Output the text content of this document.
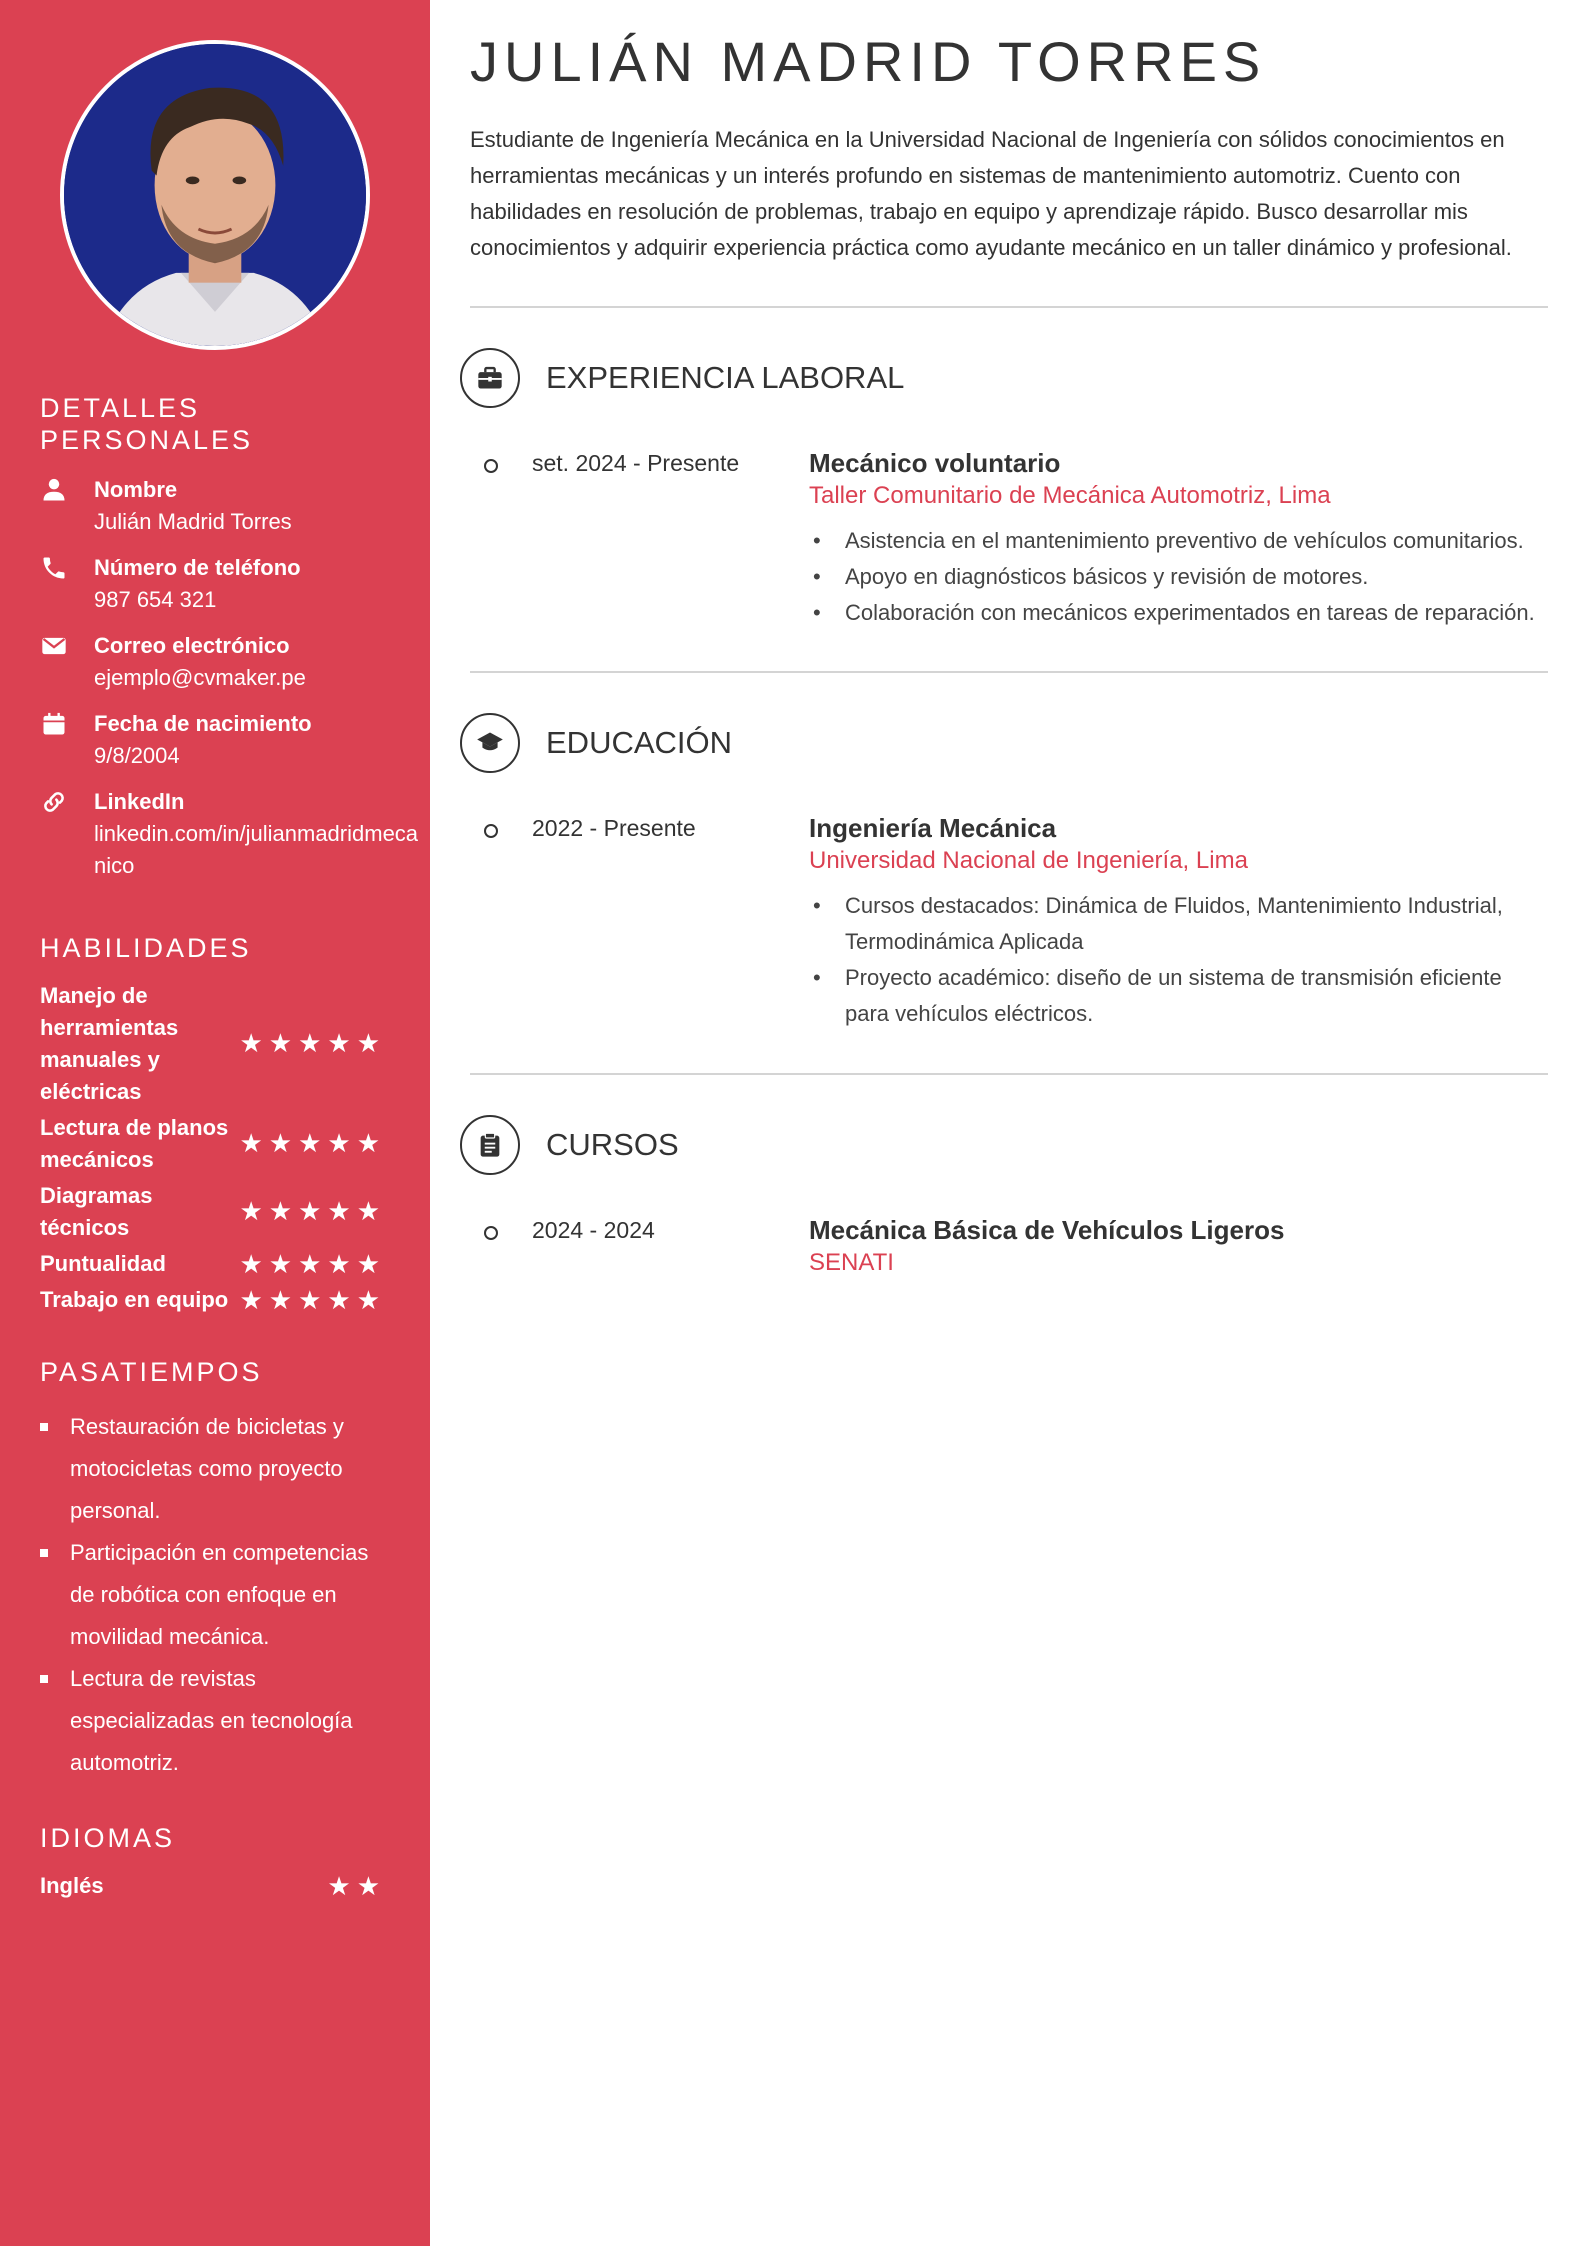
DETALLES PERSONALES
Nombre
Julián Madrid Torres
Número de teléfono
987 654 321
Correo electrónico
ejemplo@cvmaker.pe
Fecha de nacimiento
9/8/2004
LinkedIn
linkedin.com/in/julianmadridmecanico
HABILIDADES
Manejo de herramientas manuales y eléctricas
★ ★ ★ ★ ★
Lectura de planos mecánicos
★ ★ ★ ★ ★
Diagramas técnicos
★ ★ ★ ★ ★
Puntualidad	★ ★ ★ ★ ★
Trabajo en equipo ★ ★ ★ ★ ★
PASATIEMPOS
Restauración de bicicletas y motocicletas como proyecto personal.
Participación en competencias de robótica con enfoque en movilidad mecánica.
Lectura de revistas especializadas en tecnología automotriz.
IDIOMAS
Inglés	★ ★
JULIÁN MADRID TORRES

Estudiante de Ingeniería Mecánica en la Universidad Nacional de Ingeniería con sólidos conocimientos en herramientas mecánicas y un interés profundo en sistemas de mantenimiento automotriz. Cuento con habilidades en resolución de problemas, trabajo en equipo y aprendizaje rápido. Busco desarrollar mis conocimientos y adquirir experiencia práctica como ayudante mecánico en un taller dinámico y profesional.

EXPERIENCIA LABORAL
set. 2024 - Presente	Mecánico voluntario
Taller Comunitario de Mecánica Automotriz, Lima
• Asistencia en el mantenimiento preventivo de vehículos comunitarios.
• Apoyo en diagnósticos básicos y revisión de motores.
• Colaboración con mecánicos experimentados en tareas de reparación.
EDUCACIÓN
2022 - Presente	Ingeniería Mecánica
Universidad Nacional de Ingeniería, Lima
• Cursos destacados: Dinámica de Fluidos, Mantenimiento Industrial, Termodinámica Aplicada
• Proyecto académico: diseño de un sistema de transmisión eficiente para vehículos eléctricos.
CURSOS
2024 - 2024	Mecánica Básica de Vehículos Ligeros
SENATI
